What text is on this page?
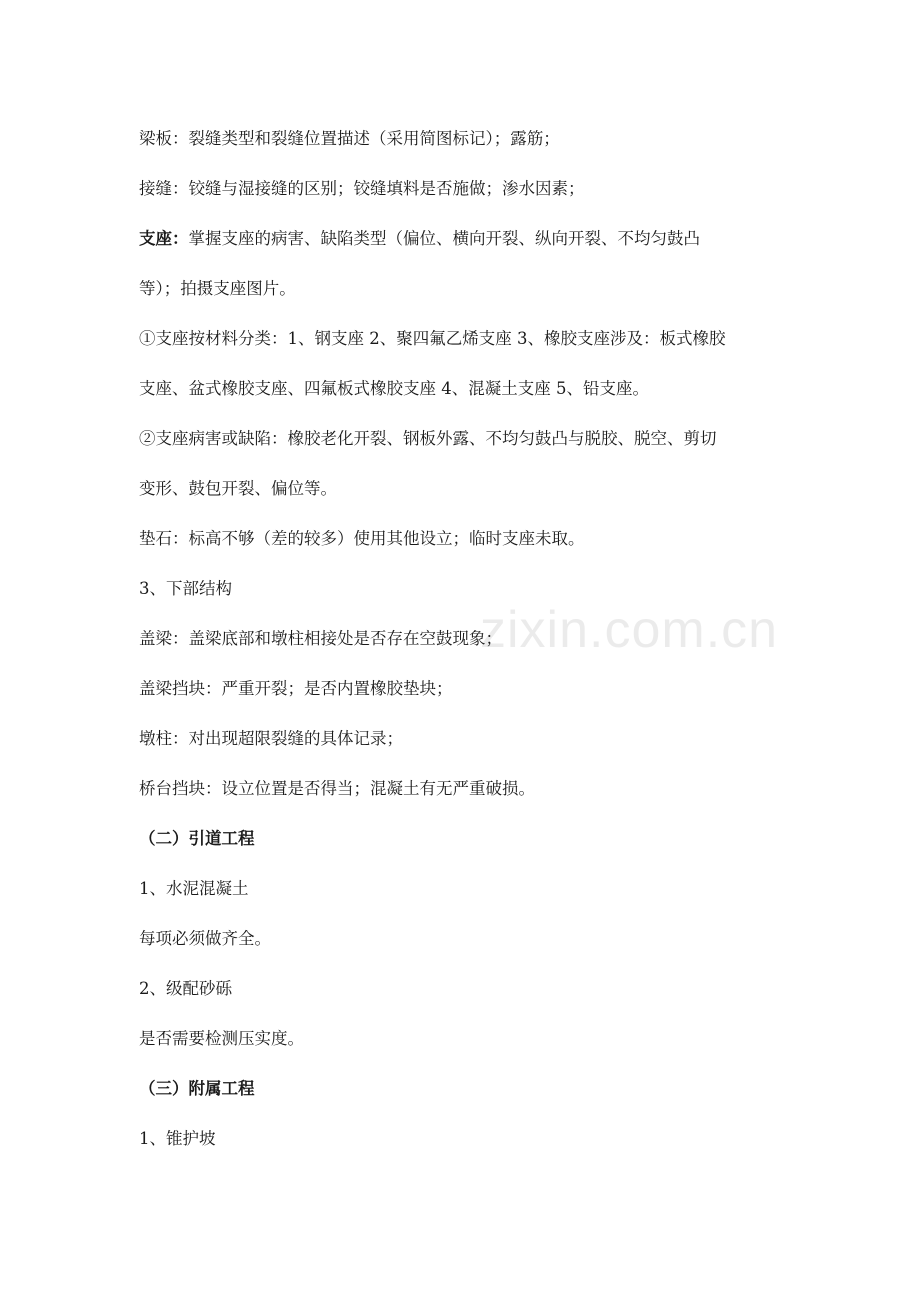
梁板：裂缝类型和裂缝位置描述（采用简图标记）；露筋；
接缝：铰缝与湿接缝的区别；铰缝填料是否施做；渗水因素；
支座：掌握支座的病害、缺陷类型（偏位、横向开裂、纵向开裂、不均匀鼓凸
等）；拍摄支座图片。
①支座按材料分类：1、钢支座 2、聚四氟乙烯支座 3、橡胶支座涉及：板式橡胶
支座、盆式橡胶支座、四氟板式橡胶支座 4、混凝土支座 5、铅支座。
②支座病害或缺陷：橡胶老化开裂、钢板外露、不均匀鼓凸与脱胶、脱空、剪切
变形、鼓包开裂、偏位等。
垫石：标高不够（差的较多）使用其他设立；临时支座未取。
3、下部结构
盖梁：盖梁底部和墩柱相接处是否存在空鼓现象；
盖梁挡块：严重开裂；是否内置橡胶垫块；
墩柱：对出现超限裂缝的具体记录；
桥台挡块：设立位置是否得当；混凝土有无严重破损。
（二）引道工程
1、水泥混凝土
每项必须做齐全。
2、级配砂砾
是否需要检测压实度。
（三）附属工程
1、锥护坡
zixin.com.cn
